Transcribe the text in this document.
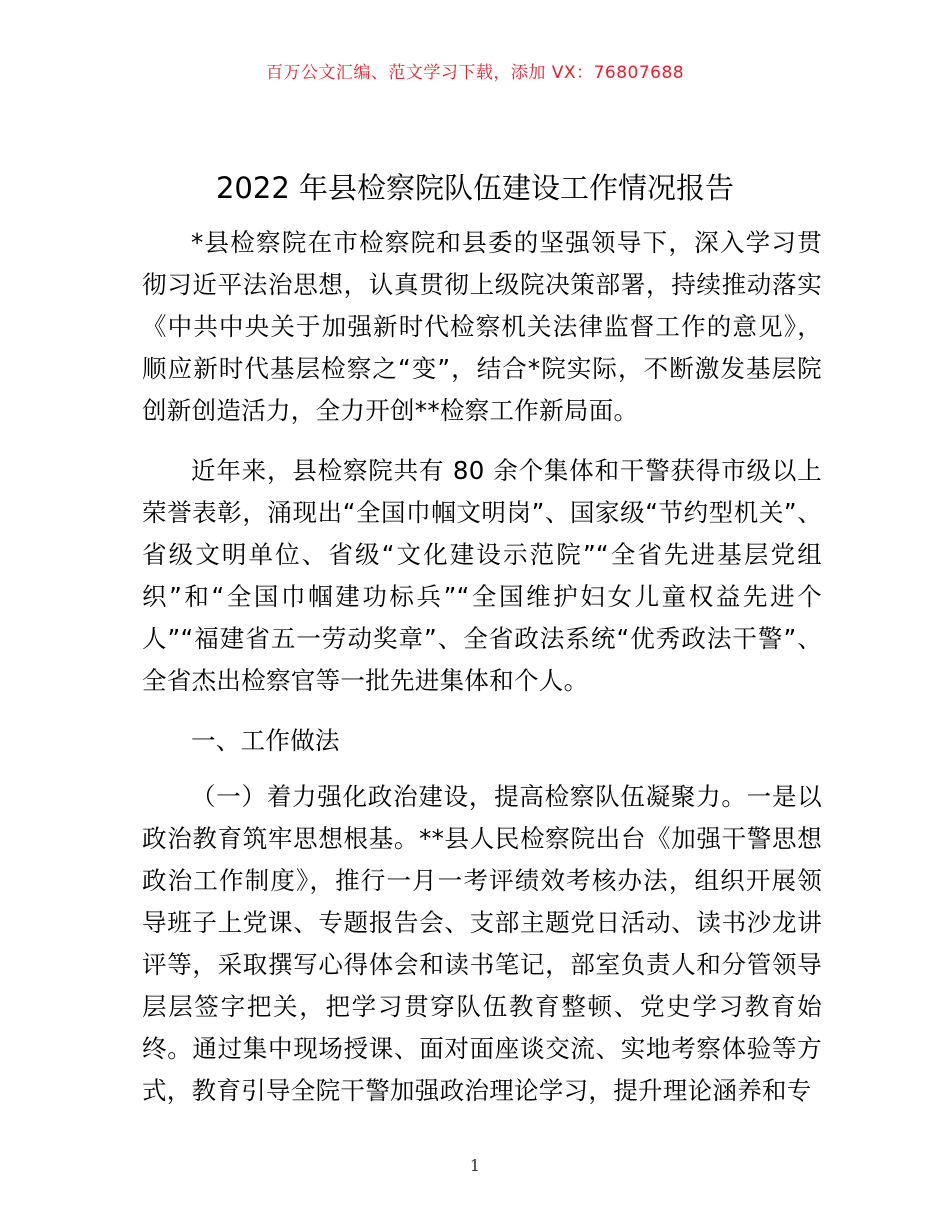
百万公文汇编、范文学习下载，添加 VX：76807688

2022 年县检察院队伍建设工作情况报告

*县检察院在市检察院和县委的坚强领导下，深入学习贯彻习近平法治思想，认真贯彻上级院决策部署，持续推动落实《中共中央关于加强新时代检察机关法律监督工作的意见》，顺应新时代基层检察之“变”，结合*院实际，不断激发基层院创新创造活力，全力开创**检察工作新局面。

近年来，县检察院共有 80 余个集体和干警获得市级以上荣誉表彰，涌现出“全国巾帼文明岗”、国家级“节约型机关”、省级文明单位、省级“文化建设示范院”“全省先进基层党组织”和“全国巾帼建功标兵”“全国维护妇女儿童权益先进个人”“福建省五一劳动奖章”、全省政法系统“优秀政法干警”、全省杰出检察官等一批先进集体和个人。

一、工作做法

（一）着力强化政治建设，提高检察队伍凝聚力。一是以政治教育筑牢思想根基。**县人民检察院出台《加强干警思想政治工作制度》，推行一月一考评绩效考核办法，组织开展领导班子上党课、专题报告会、支部主题党日活动、读书沙龙讲评等，采取撰写心得体会和读书笔记，部室负责人和分管领导层层签字把关，把学习贯穿队伍教育整顿、党史学习教育始终。通过集中现场授课、面对面座谈交流、实地考察体验等方式，教育引导全院干警加强政治理论学习，提升理论涵养和专

1
